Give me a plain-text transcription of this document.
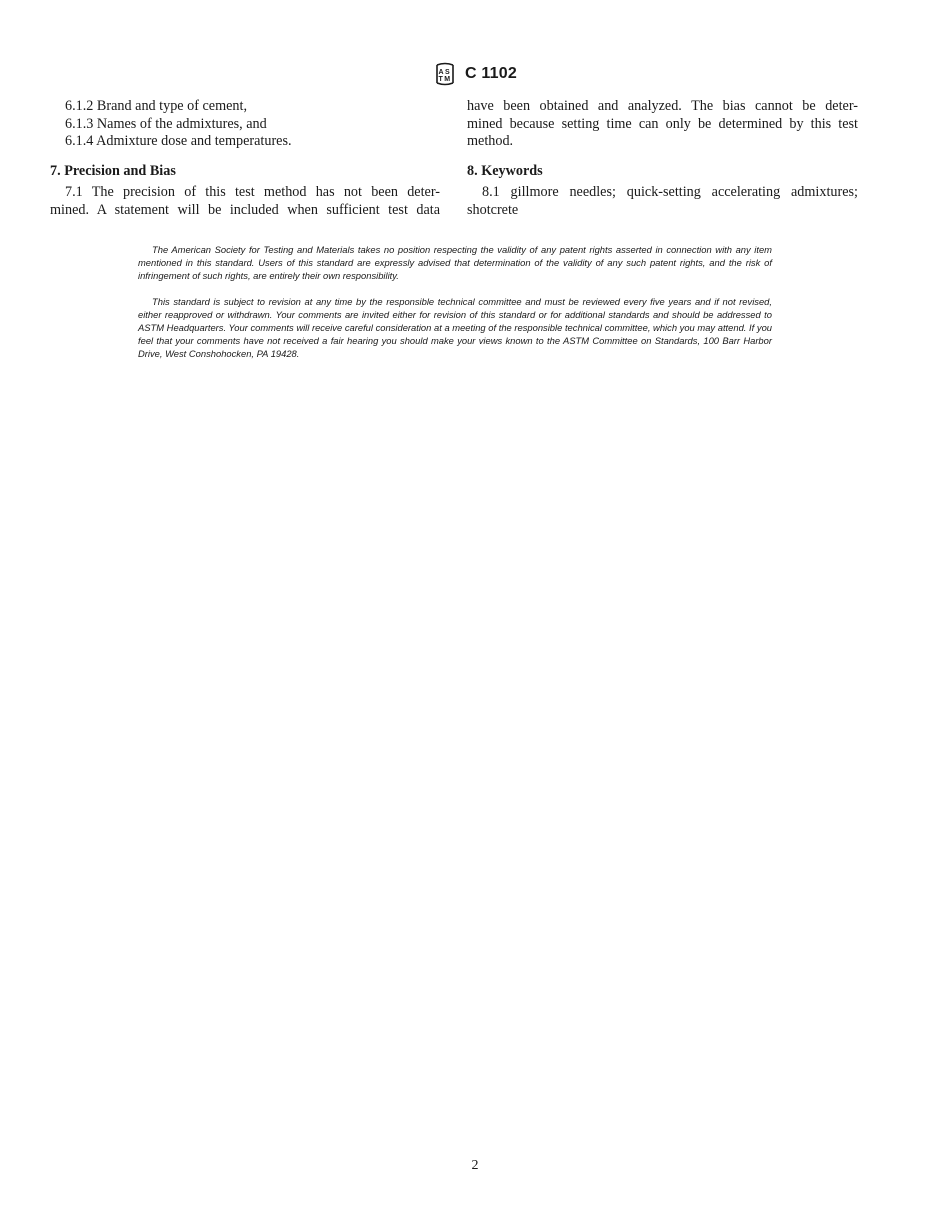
A S
T M C 1102
6.1.2 Brand and type of cement,
6.1.3 Names of the admixtures, and
6.1.4 Admixture dose and temperatures.
7. Precision and Bias
7.1 The precision of this test method has not been deter-
mined. A statement will be included when sufficient test data
have been obtained and analyzed. The bias cannot be deter-
mined because setting time can only be determined by this test
method.
8. Keywords
8.1 gillmore needles; quick-setting accelerating admixtures;
shotcrete

The American Society for Testing and Materials takes no position respecting the validity of any patent rights asserted in connection with any item mentioned in this standard. Users of this standard are expressly advised that determination of the validity of any such patent rights, and the risk of infringement of such rights, are entirely their own responsibility.

This standard is subject to revision at any time by the responsible technical committee and must be reviewed every five years and if not revised, either reapproved or withdrawn. Your comments are invited either for revision of this standard or for additional standards and should be addressed to ASTM Headquarters. Your comments will receive careful consideration at a meeting of the responsible technical committee, which you may attend. If you feel that your comments have not received a fair hearing you should make your views known to the ASTM Committee on Standards, 100 Barr Harbor Drive, West Conshohocken, PA 19428.

2
